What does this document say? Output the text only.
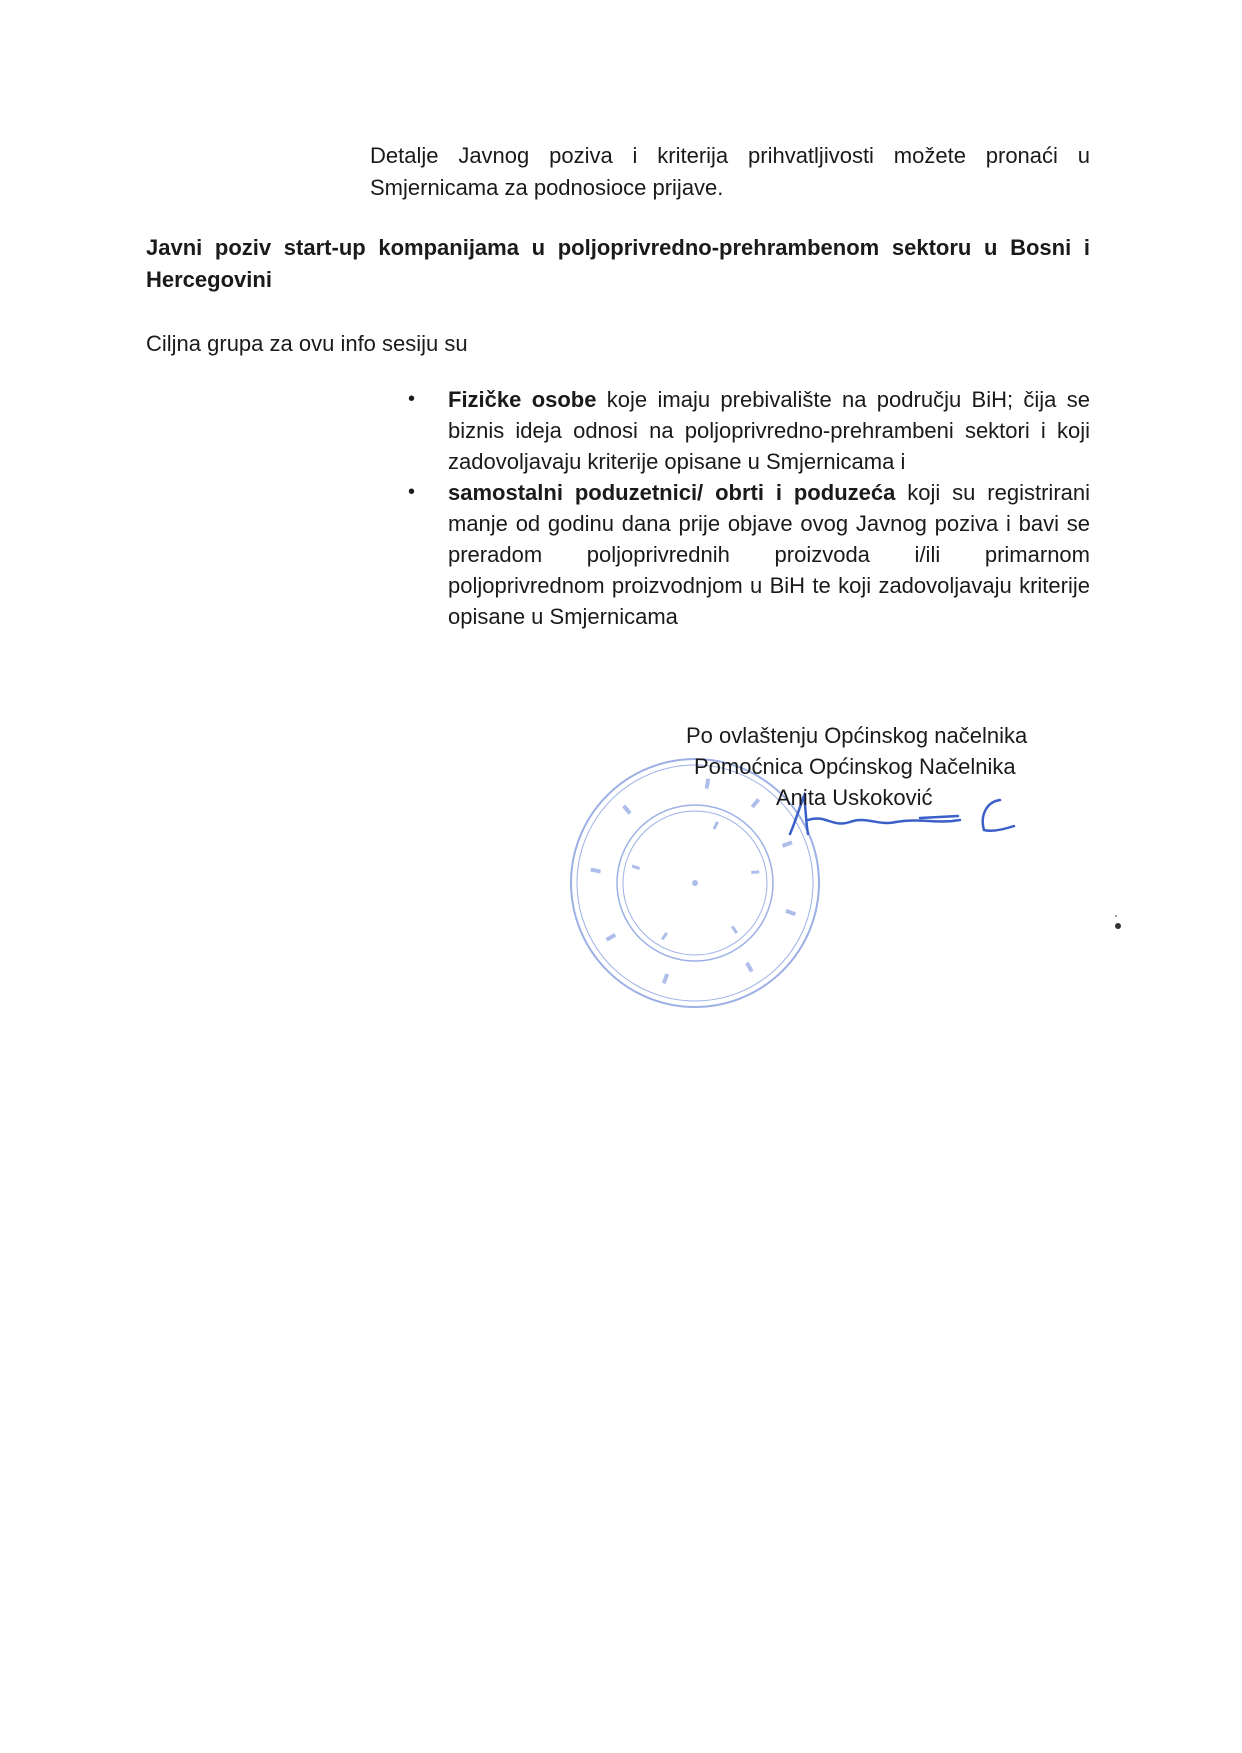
Detalje Javnog poziva i kriterija prihvatljivosti možete pronaći u Smjernicama za podnosioce prijave.

Javni poziv start-up kompanijama u poljoprivredno-prehrambenom sektoru u Bosni i Hercegovini

Ciljna grupa za ovu info sesiju su

• Fizičke osobe koje imaju prebivalište na području BiH; čija se biznis ideja odnosi na poljoprivredno-prehrambeni sektori i koji zadovoljavaju kriterije opisane u Smjernicama i
• samostalni poduzetnici/ obrti i poduzeća koji su registrirani manje od godinu dana prije objave ovog Javnog poziva i bavi se preradom poljoprivrednih proizvoda i/ili primarnom poljoprivrednom proizvodnjom u BiH te koji zadovoljavaju kriterije opisane u Smjernicama
Po ovlaštenju Općinskog načelnika
Pomoćnica Općinskog Načelnika
Anita Uskoković
